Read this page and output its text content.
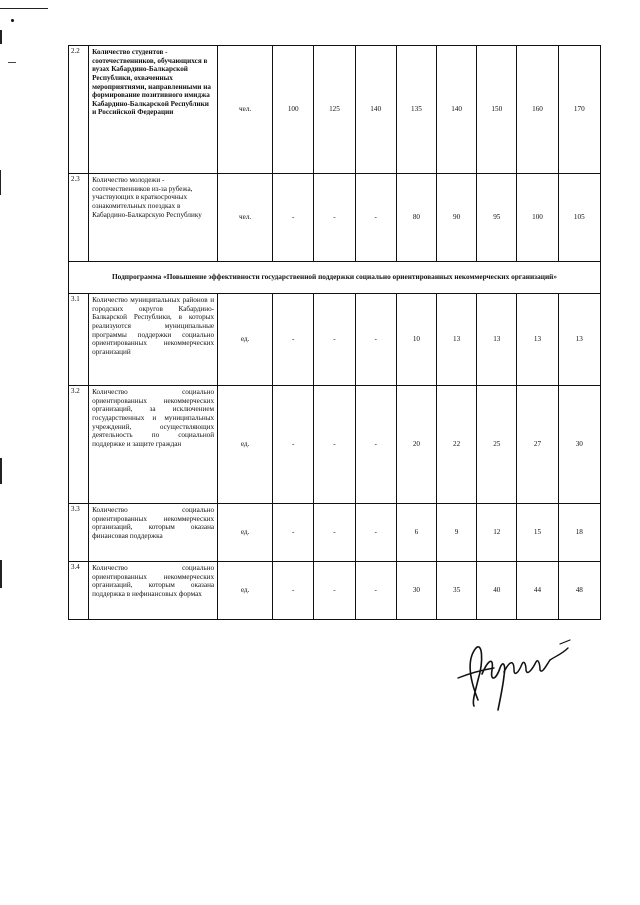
2.2	Количество студентов - соотечественников, обучающихся в вузах Кабардино-Балкарской Республики, охваченных мероприятиями, направленными на формирование позитивного имиджа Кабардино-Балкарской Республики и Российской Федерации	чел.	100	125	140	135	140	150	160	170
2.3	Количество молодежи - соотечественников из-за рубежа, участвующих в краткосрочных ознакомительных поездках в Кабардино-Балкарскую Республику	чел.	-	-	-	80	90	95	100	105
Подпрограмма «Повышение эффективности государственной поддержки социально ориентированных некоммерческих организаций»										
3.1	Количество муниципальных районов и городских округов Кабардино-Балкарской Республики, в которых реализуются муниципальные программы поддержки социально ориентированных некоммерческих организаций	ед.	-	-	-	10	13	13	13	13
3.2	Количество социально ориентированных некоммерческих организаций, за исключением государственных и муниципальных учреждений, осуществляющих деятельность по социальной поддержке и защите граждан	ед.	-	-	-	20	22	25	27	30
3.3	Количество социально ориентированных некоммерческих организаций, которым оказана финансовая поддержка	ед.	-	-	-	6	9	12	15	18
3.4	Количество социально ориентированных некоммерческих организаций, которым оказана поддержка в нефинансовых формах	ед.	-	-	-	30	35	40	44	48
